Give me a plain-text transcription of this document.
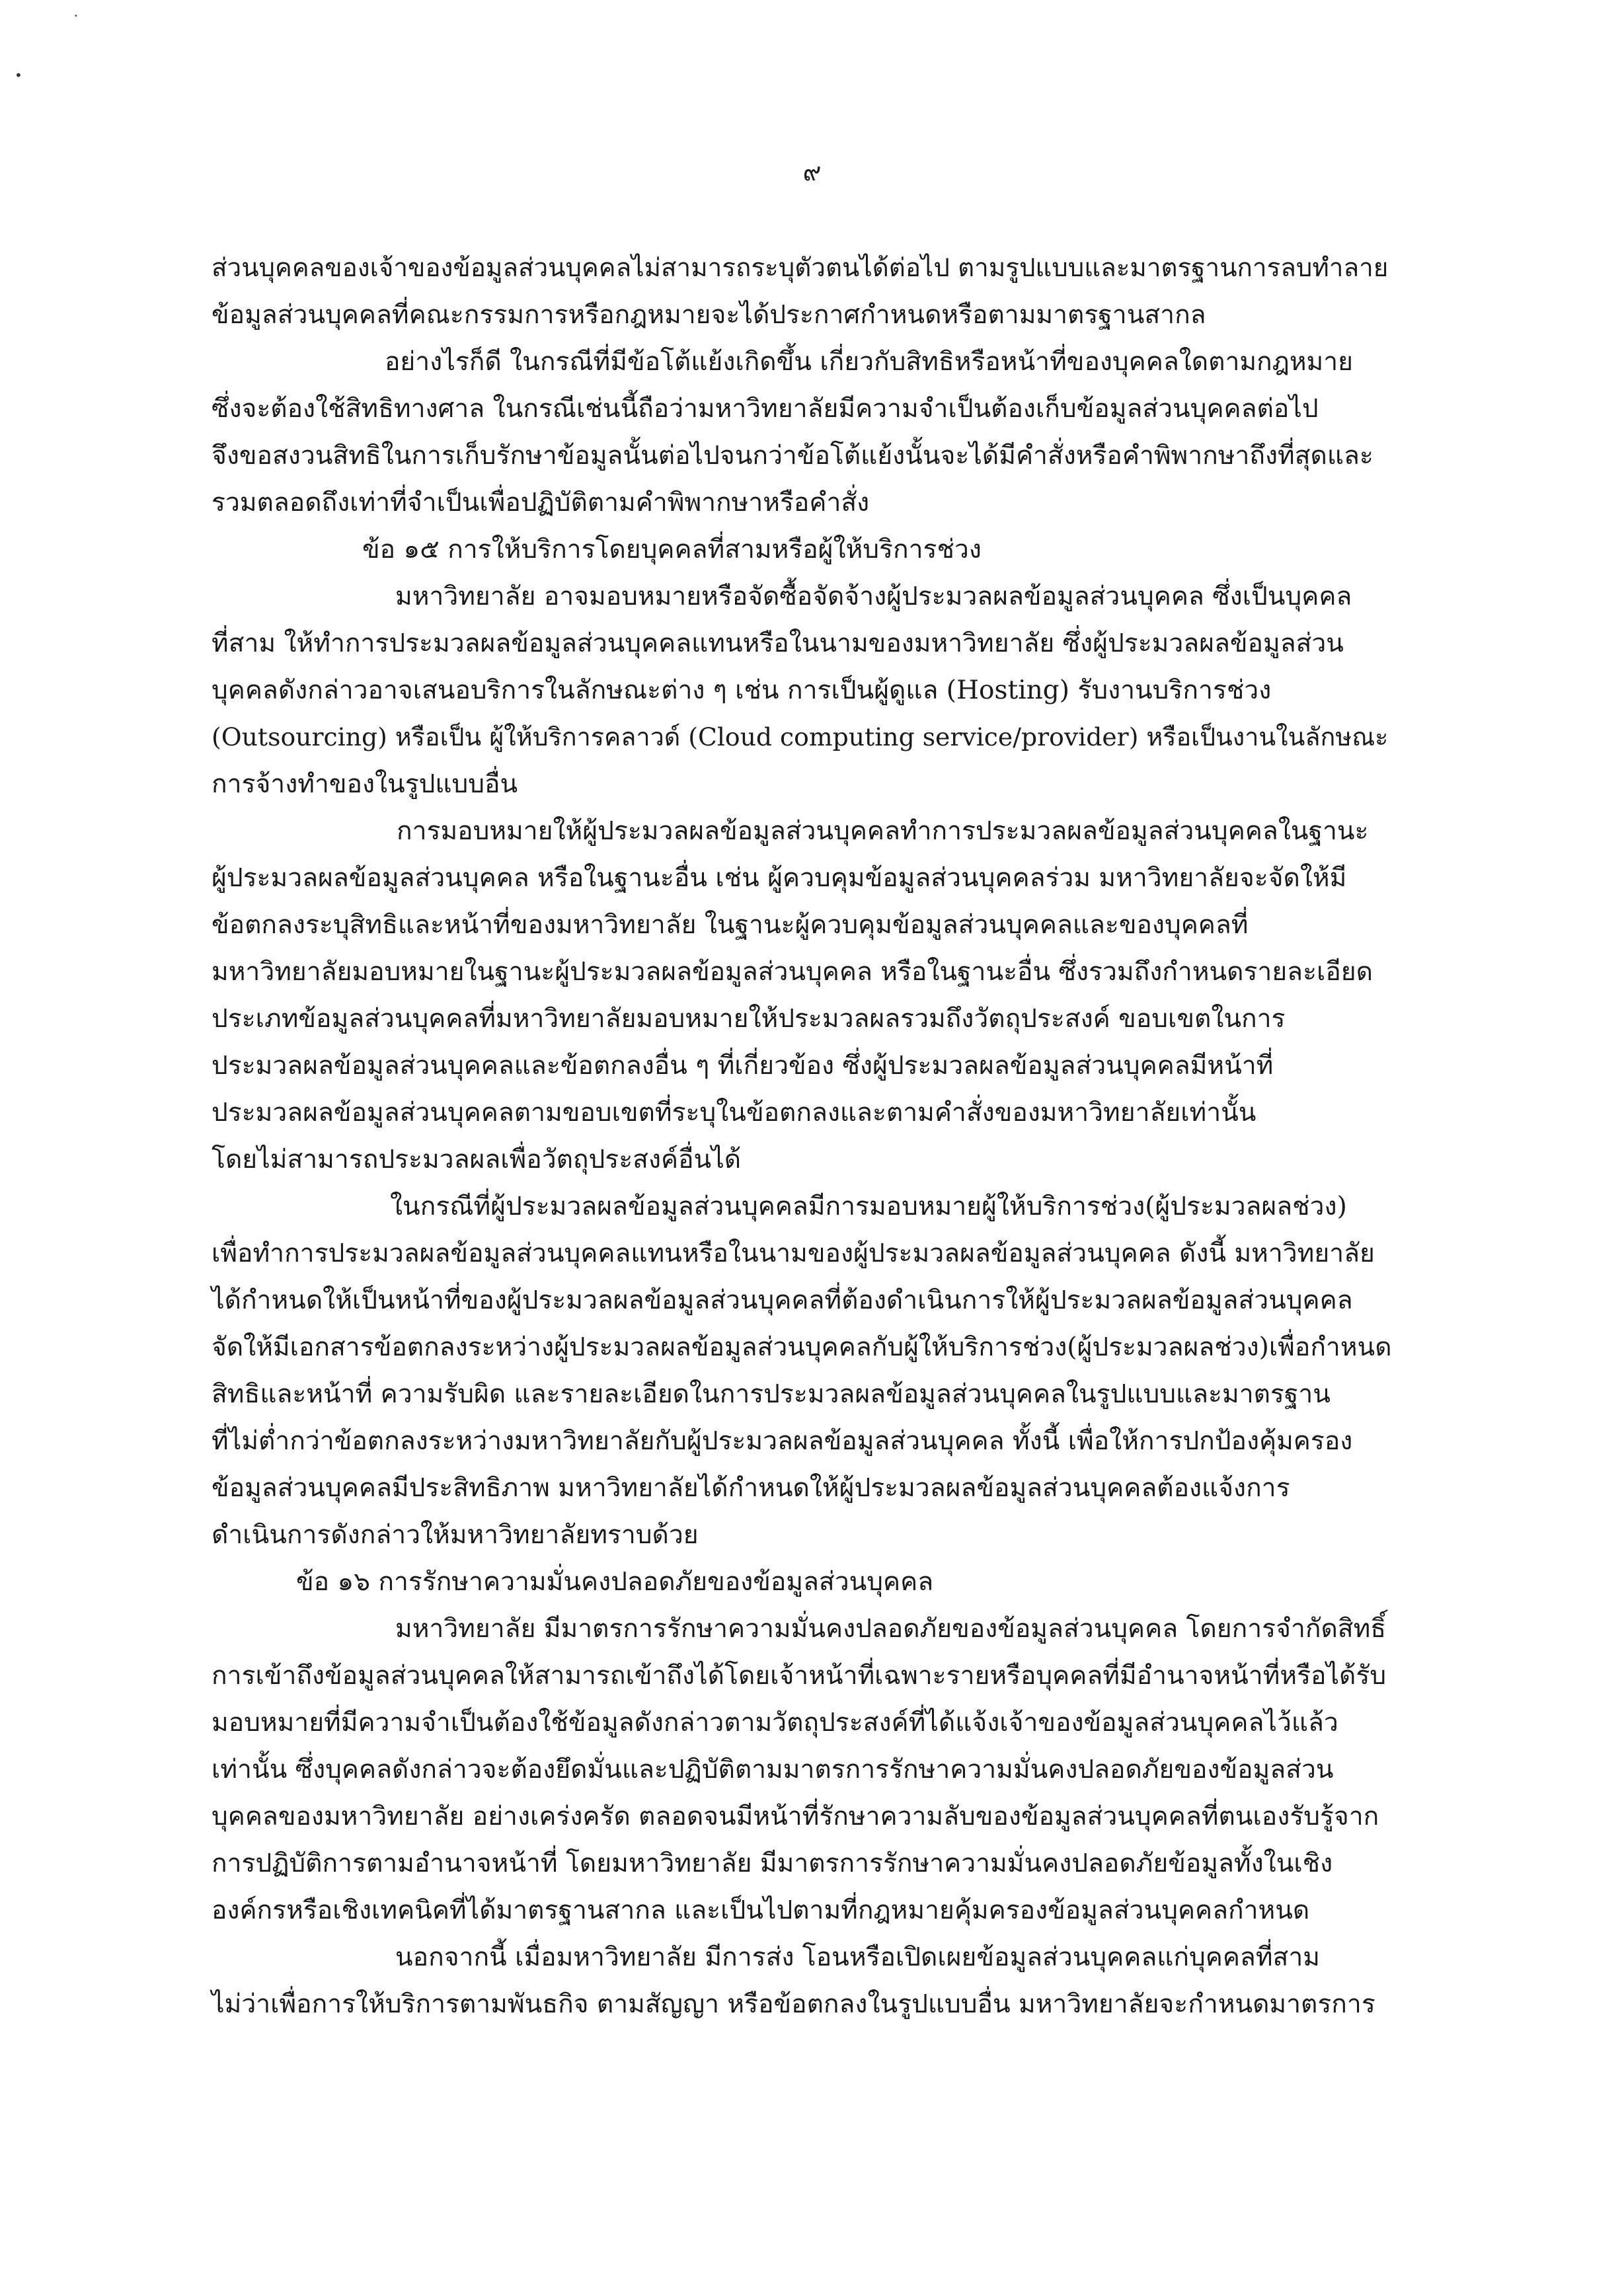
ˑ
•
๙
ส่วนบุคคลของเจ้าของข้อมูลส่วนบุคคลไม่สามารถระบุตัวตนได้ต่อไป ตามรูปแบบและมาตรฐานการลบทำลาย
ข้อมูลส่วนบุคคลที่คณะกรรมการหรือกฎหมายจะได้ประกาศกำหนดหรือตามมาตรฐานสากล
อย่างไรก็ดี ในกรณีที่มีข้อโต้แย้งเกิดขึ้น เกี่ยวกับสิทธิหรือหน้าที่ของบุคคลใดตามกฎหมาย
ซึ่งจะต้องใช้สิทธิทางศาล ในกรณีเช่นนี้ถือว่ามหาวิทยาลัยมีความจำเป็นต้องเก็บข้อมูลส่วนบุคคลต่อไป
จึงขอสงวนสิทธิในการเก็บรักษาข้อมูลนั้นต่อไปจนกว่าข้อโต้แย้งนั้นจะได้มีคำสั่งหรือคำพิพากษาถึงที่สุดและ
รวมตลอดถึงเท่าที่จำเป็นเพื่อปฏิบัติตามคำพิพากษาหรือคำสั่ง
ข้อ ๑๕ การให้บริการโดยบุคคลที่สามหรือผู้ให้บริการช่วง
มหาวิทยาลัย อาจมอบหมายหรือจัดซื้อจัดจ้างผู้ประมวลผลข้อมูลส่วนบุคคล ซึ่งเป็นบุคคล
ที่สาม ให้ทำการประมวลผลข้อมูลส่วนบุคคลแทนหรือในนามของมหาวิทยาลัย ซึ่งผู้ประมวลผลข้อมูลส่วน
บุคคลดังกล่าวอาจเสนอบริการในลักษณะต่าง ๆ เช่น การเป็นผู้ดูแล (Hosting) รับงานบริการช่วง
(Outsourcing) หรือเป็น ผู้ให้บริการคลาวด์ (Cloud computing service/provider) หรือเป็นงานในลักษณะ
การจ้างทำของในรูปแบบอื่น
การมอบหมายให้ผู้ประมวลผลข้อมูลส่วนบุคคลทำการประมวลผลข้อมูลส่วนบุคคลในฐานะ
ผู้ประมวลผลข้อมูลส่วนบุคคล หรือในฐานะอื่น เช่น ผู้ควบคุมข้อมูลส่วนบุคคลร่วม มหาวิทยาลัยจะจัดให้มี
ข้อตกลงระบุสิทธิและหน้าที่ของมหาวิทยาลัย ในฐานะผู้ควบคุมข้อมูลส่วนบุคคลและของบุคคลที่
มหาวิทยาลัยมอบหมายในฐานะผู้ประมวลผลข้อมูลส่วนบุคคล หรือในฐานะอื่น ซึ่งรวมถึงกำหนดรายละเอียด
ประเภทข้อมูลส่วนบุคคลที่มหาวิทยาลัยมอบหมายให้ประมวลผลรวมถึงวัตถุประสงค์ ขอบเขตในการ
ประมวลผลข้อมูลส่วนบุคคลและข้อตกลงอื่น ๆ ที่เกี่ยวข้อง ซึ่งผู้ประมวลผลข้อมูลส่วนบุคคลมีหน้าที่
ประมวลผลข้อมูลส่วนบุคคลตามขอบเขตที่ระบุในข้อตกลงและตามคำสั่งของมหาวิทยาลัยเท่านั้น
โดยไม่สามารถประมวลผลเพื่อวัตถุประสงค์อื่นได้
ในกรณีที่ผู้ประมวลผลข้อมูลส่วนบุคคลมีการมอบหมายผู้ให้บริการช่วง(ผู้ประมวลผลช่วง)
เพื่อทำการประมวลผลข้อมูลส่วนบุคคลแทนหรือในนามของผู้ประมวลผลข้อมูลส่วนบุคคล ดังนี้ มหาวิทยาลัย
ได้กำหนดให้เป็นหน้าที่ของผู้ประมวลผลข้อมูลส่วนบุคคลที่ต้องดำเนินการให้ผู้ประมวลผลข้อมูลส่วนบุคคล
จัดให้มีเอกสารข้อตกลงระหว่างผู้ประมวลผลข้อมูลส่วนบุคคลกับผู้ให้บริการช่วง(ผู้ประมวลผลช่วง)เพื่อกำหนด
สิทธิและหน้าที่ ความรับผิด และรายละเอียดในการประมวลผลข้อมูลส่วนบุคคลในรูปแบบและมาตรฐาน
ที่ไม่ต่ำกว่าข้อตกลงระหว่างมหาวิทยาลัยกับผู้ประมวลผลข้อมูลส่วนบุคคล ทั้งนี้ เพื่อให้การปกป้องคุ้มครอง
ข้อมูลส่วนบุคคลมีประสิทธิภาพ มหาวิทยาลัยได้กำหนดให้ผู้ประมวลผลข้อมูลส่วนบุคคลต้องแจ้งการ
ดำเนินการดังกล่าวให้มหาวิทยาลัยทราบด้วย
ข้อ ๑๖ การรักษาความมั่นคงปลอดภัยของข้อมูลส่วนบุคคล
มหาวิทยาลัย มีมาตรการรักษาความมั่นคงปลอดภัยของข้อมูลส่วนบุคคล โดยการจำกัดสิทธิ์
การเข้าถึงข้อมูลส่วนบุคคลให้สามารถเข้าถึงได้โดยเจ้าหน้าที่เฉพาะรายหรือบุคคลที่มีอำนาจหน้าที่หรือได้รับ
มอบหมายที่มีความจำเป็นต้องใช้ข้อมูลดังกล่าวตามวัตถุประสงค์ที่ได้แจ้งเจ้าของข้อมูลส่วนบุคคลไว้แล้ว
เท่านั้น ซึ่งบุคคลดังกล่าวจะต้องยึดมั่นและปฏิบัติตามมาตรการรักษาความมั่นคงปลอดภัยของข้อมูลส่วน
บุคคลของมหาวิทยาลัย อย่างเคร่งครัด ตลอดจนมีหน้าที่รักษาความลับของข้อมูลส่วนบุคคลที่ตนเองรับรู้จาก
การปฏิบัติการตามอำนาจหน้าที่ โดยมหาวิทยาลัย มีมาตรการรักษาความมั่นคงปลอดภัยข้อมูลทั้งในเชิง
องค์กรหรือเชิงเทคนิคที่ได้มาตรฐานสากล และเป็นไปตามที่กฎหมายคุ้มครองข้อมูลส่วนบุคคลกำหนด
นอกจากนี้ เมื่อมหาวิทยาลัย มีการส่ง โอนหรือเปิดเผยข้อมูลส่วนบุคคลแก่บุคคลที่สาม
ไม่ว่าเพื่อการให้บริการตามพันธกิจ ตามสัญญา หรือข้อตกลงในรูปแบบอื่น มหาวิทยาลัยจะกำหนดมาตรการ
